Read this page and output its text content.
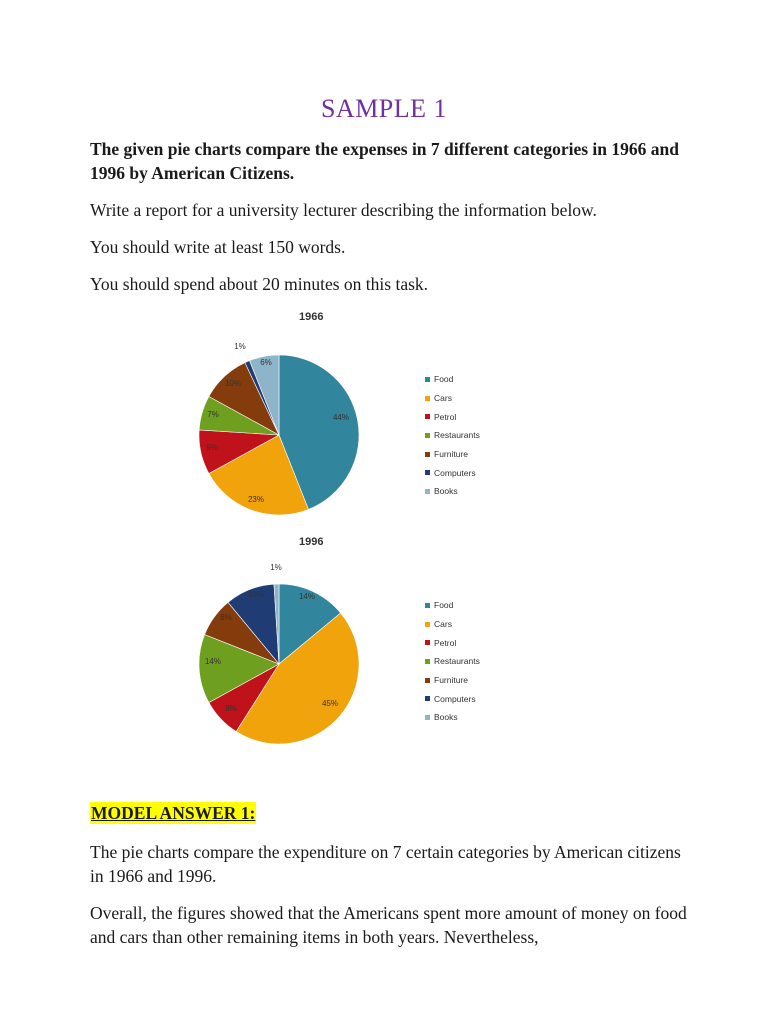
SAMPLE 1
The given pie charts compare the expenses in 7 different categories in 1966 and 1996 by American Citizens.
Write a report for a university lecturer describing the information below.
You should write at least 150 words.
You should spend about 20 minutes on this task.
1966
44%
23%
9%
7%
10%
1%
6%
Food
Cars
Petrol
Restaurants
Furniture
Computers
Books
1996
14%
45%
8%
14%
8%
10%
1%
Food
Cars
Petrol
Restaurants
Furniture
Computers
Books
MODEL ANSWER 1:
The pie charts compare the expenditure on 7 certain categories by American citizens in 1966 and 1996.
Overall, the figures showed that the Americans spent more amount of money on food and cars than other remaining items in both years. Nevertheless,
